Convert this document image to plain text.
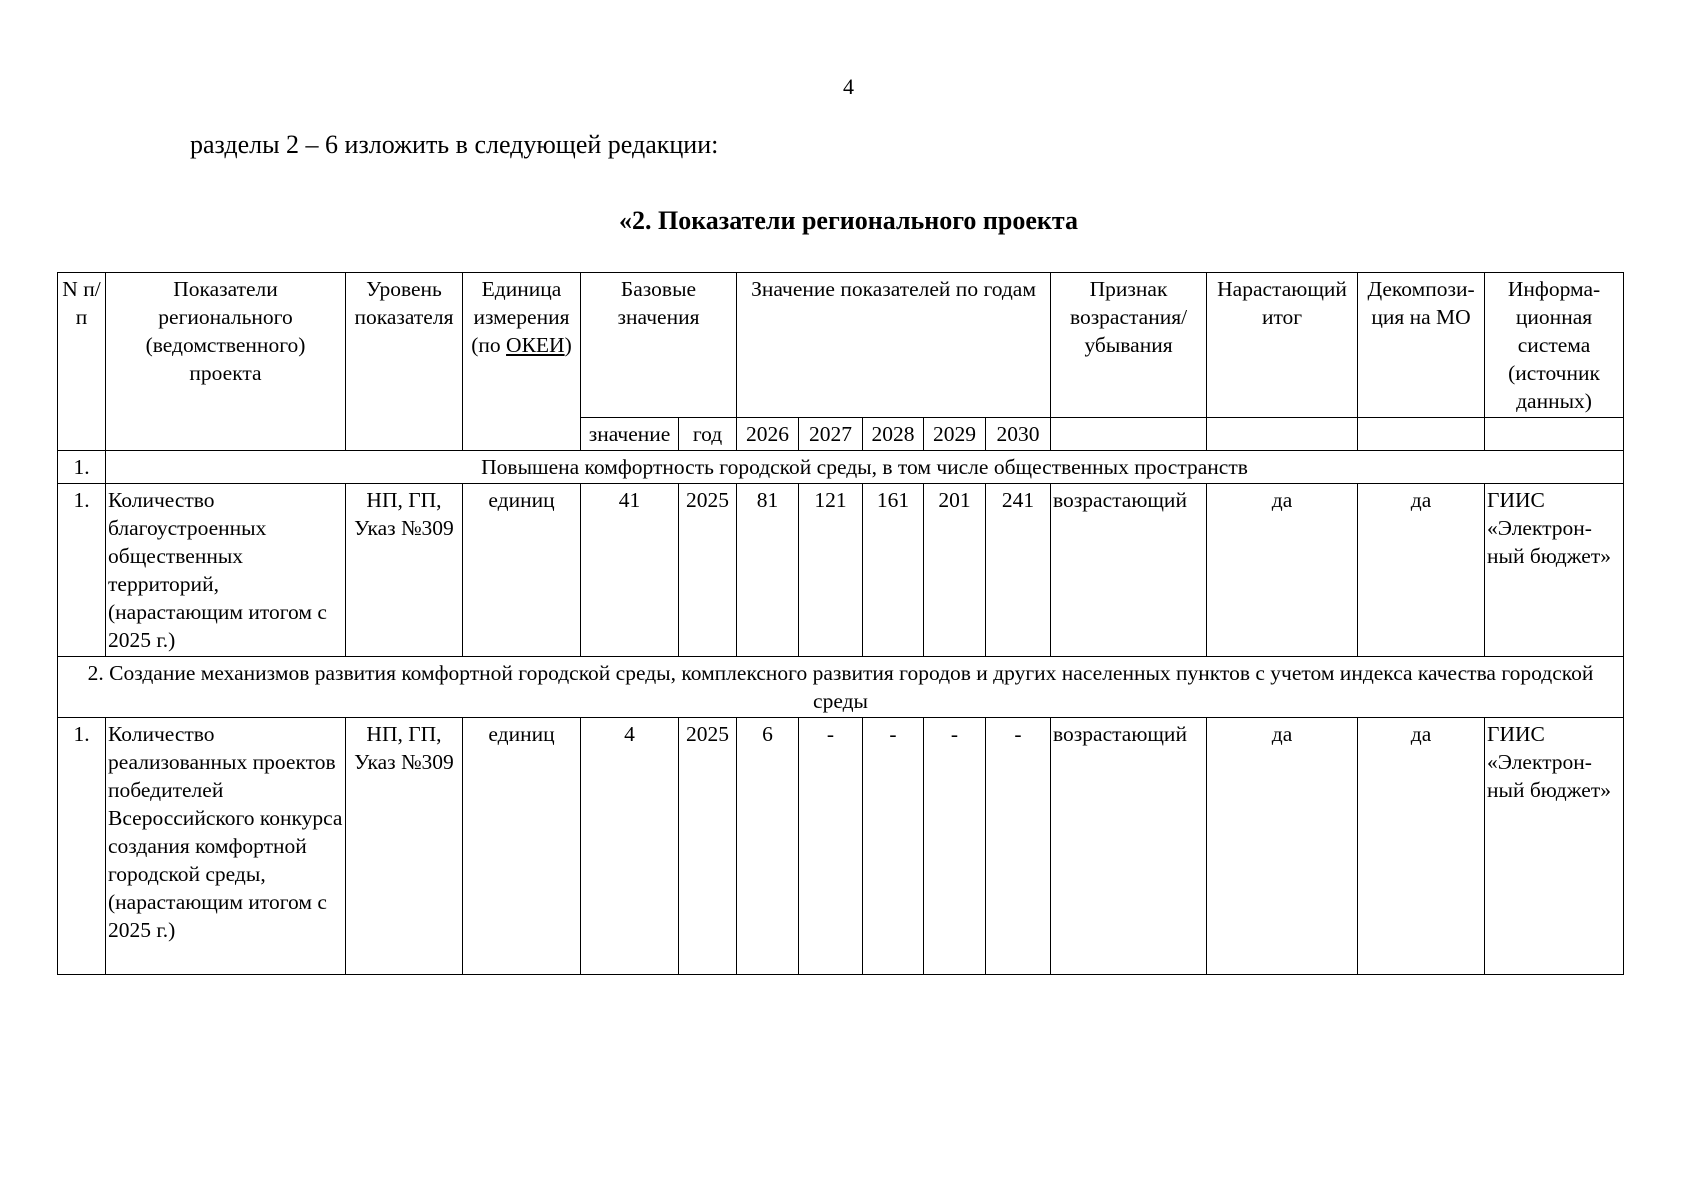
4
разделы 2 – 6 изложить в следующей редакции:
«2. Показатели регионального проекта
N п/п	Показатели регионального (ведомственного) проекта	Уровень показателя	Единица измерения (по ОКЕИ)	Базовые значения		Значение показателей по годам					Признак возрастания/ убывания	Нарастающий итог	Декомпози-ция на МО	Информа-ционная система (источник данных)
				значение	год	2026	2027	2028	2029	2030				
1.	Повышена комфортность городской среды, в том числе общественных пространств													
1.	Количество благоустроенных общественных территорий, (нарастающим итогом с 2025 г.)	НП, ГП, Указ №309	единиц	41	2025	81	121	161	201	241	возрастающий	да	да	ГИИС «Электрон-ный бюджет»
2. Создание механизмов развития комфортной городской среды, комплексного развития городов и других населенных пунктов с учетом индекса качества городской среды														
1.	Количество реализованных проектов победителей Всероссийского конкурса создания комфортной городской среды, (нарастающим итогом с 2025 г.)	НП, ГП, Указ №309	единиц	4	2025	6	-	-	-	-	возрастающий	да	да	ГИИС «Электрон-ный бюджет»
